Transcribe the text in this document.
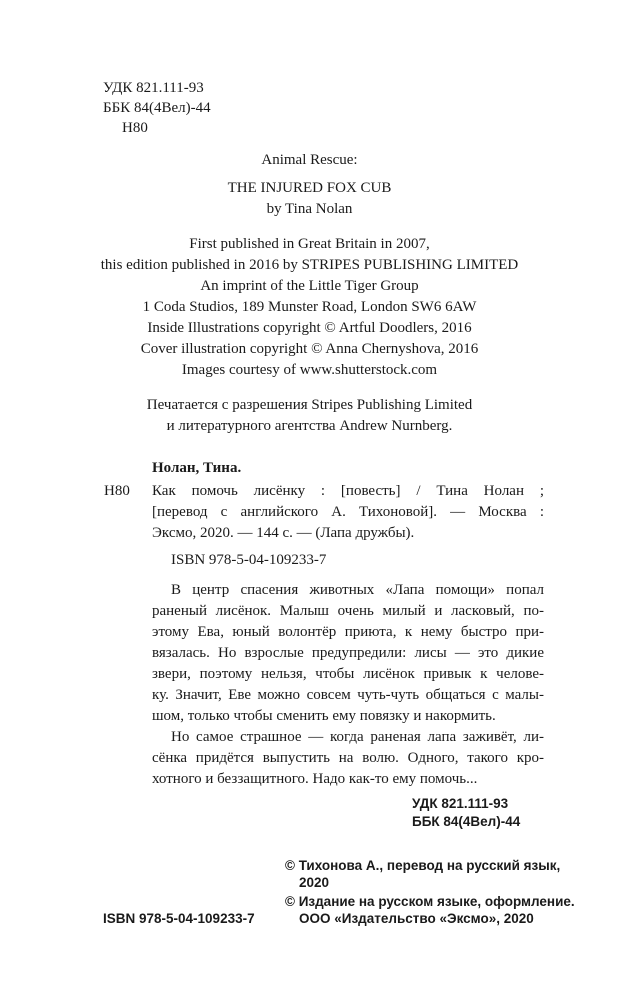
УДК 821.111-93
ББК 84(4Вел)-44
Н80
Animal Rescue:
THE INJURED FOX CUB
by Tina Nolan
First published in Great Britain in 2007,
this edition published in 2016 by STRIPES PUBLISHING LIMITED
An imprint of the Little Tiger Group
1 Coda Studios, 189 Munster Road, London SW6 6AW
Inside Illustrations copyright © Artful Doodlers, 2016
Cover illustration copyright © Anna Chernyshova, 2016
Images courtesy of www.shutterstock.com
Печатается с разрешения Stripes Publishing Limited
и литературного агентства Andrew Nurnberg.
Нолан, Тина.
Н80 Как помочь лисёнку : [повесть] / Тина Нолан ;
[перевод с английского А. Тихоновой]. — Москва :
Эксмо, 2020. — 144 с. — (Лапа дружбы).
ISBN 978-5-04-109233-7
В центр спасения животных «Лапа помощи» попал
раненый лисёнок. Малыш очень милый и ласковый, по-
этому Ева, юный волонтёр приюта, к нему быстро при-
вязалась. Но взрослые предупредили: лисы — это дикие
звери, поэтому нельзя, чтобы лисёнок привык к челове-
ку. Значит, Еве можно совсем чуть-чуть общаться с малы-
шом, только чтобы сменить ему повязку и накормить.
Но самое страшное — когда раненая лапа заживёт, ли-
сёнка придётся выпустить на волю. Одного, такого кро-
хотного и беззащитного. Надо как-то ему помочь...
УДК 821.111-93
ББК 84(4Вел)-44
© Тихонова А., перевод на русский язык,
2020
© Издание на русском языке, оформление.
ООО «Издательство «Эксмо», 2020
ISBN 978-5-04-109233-7
